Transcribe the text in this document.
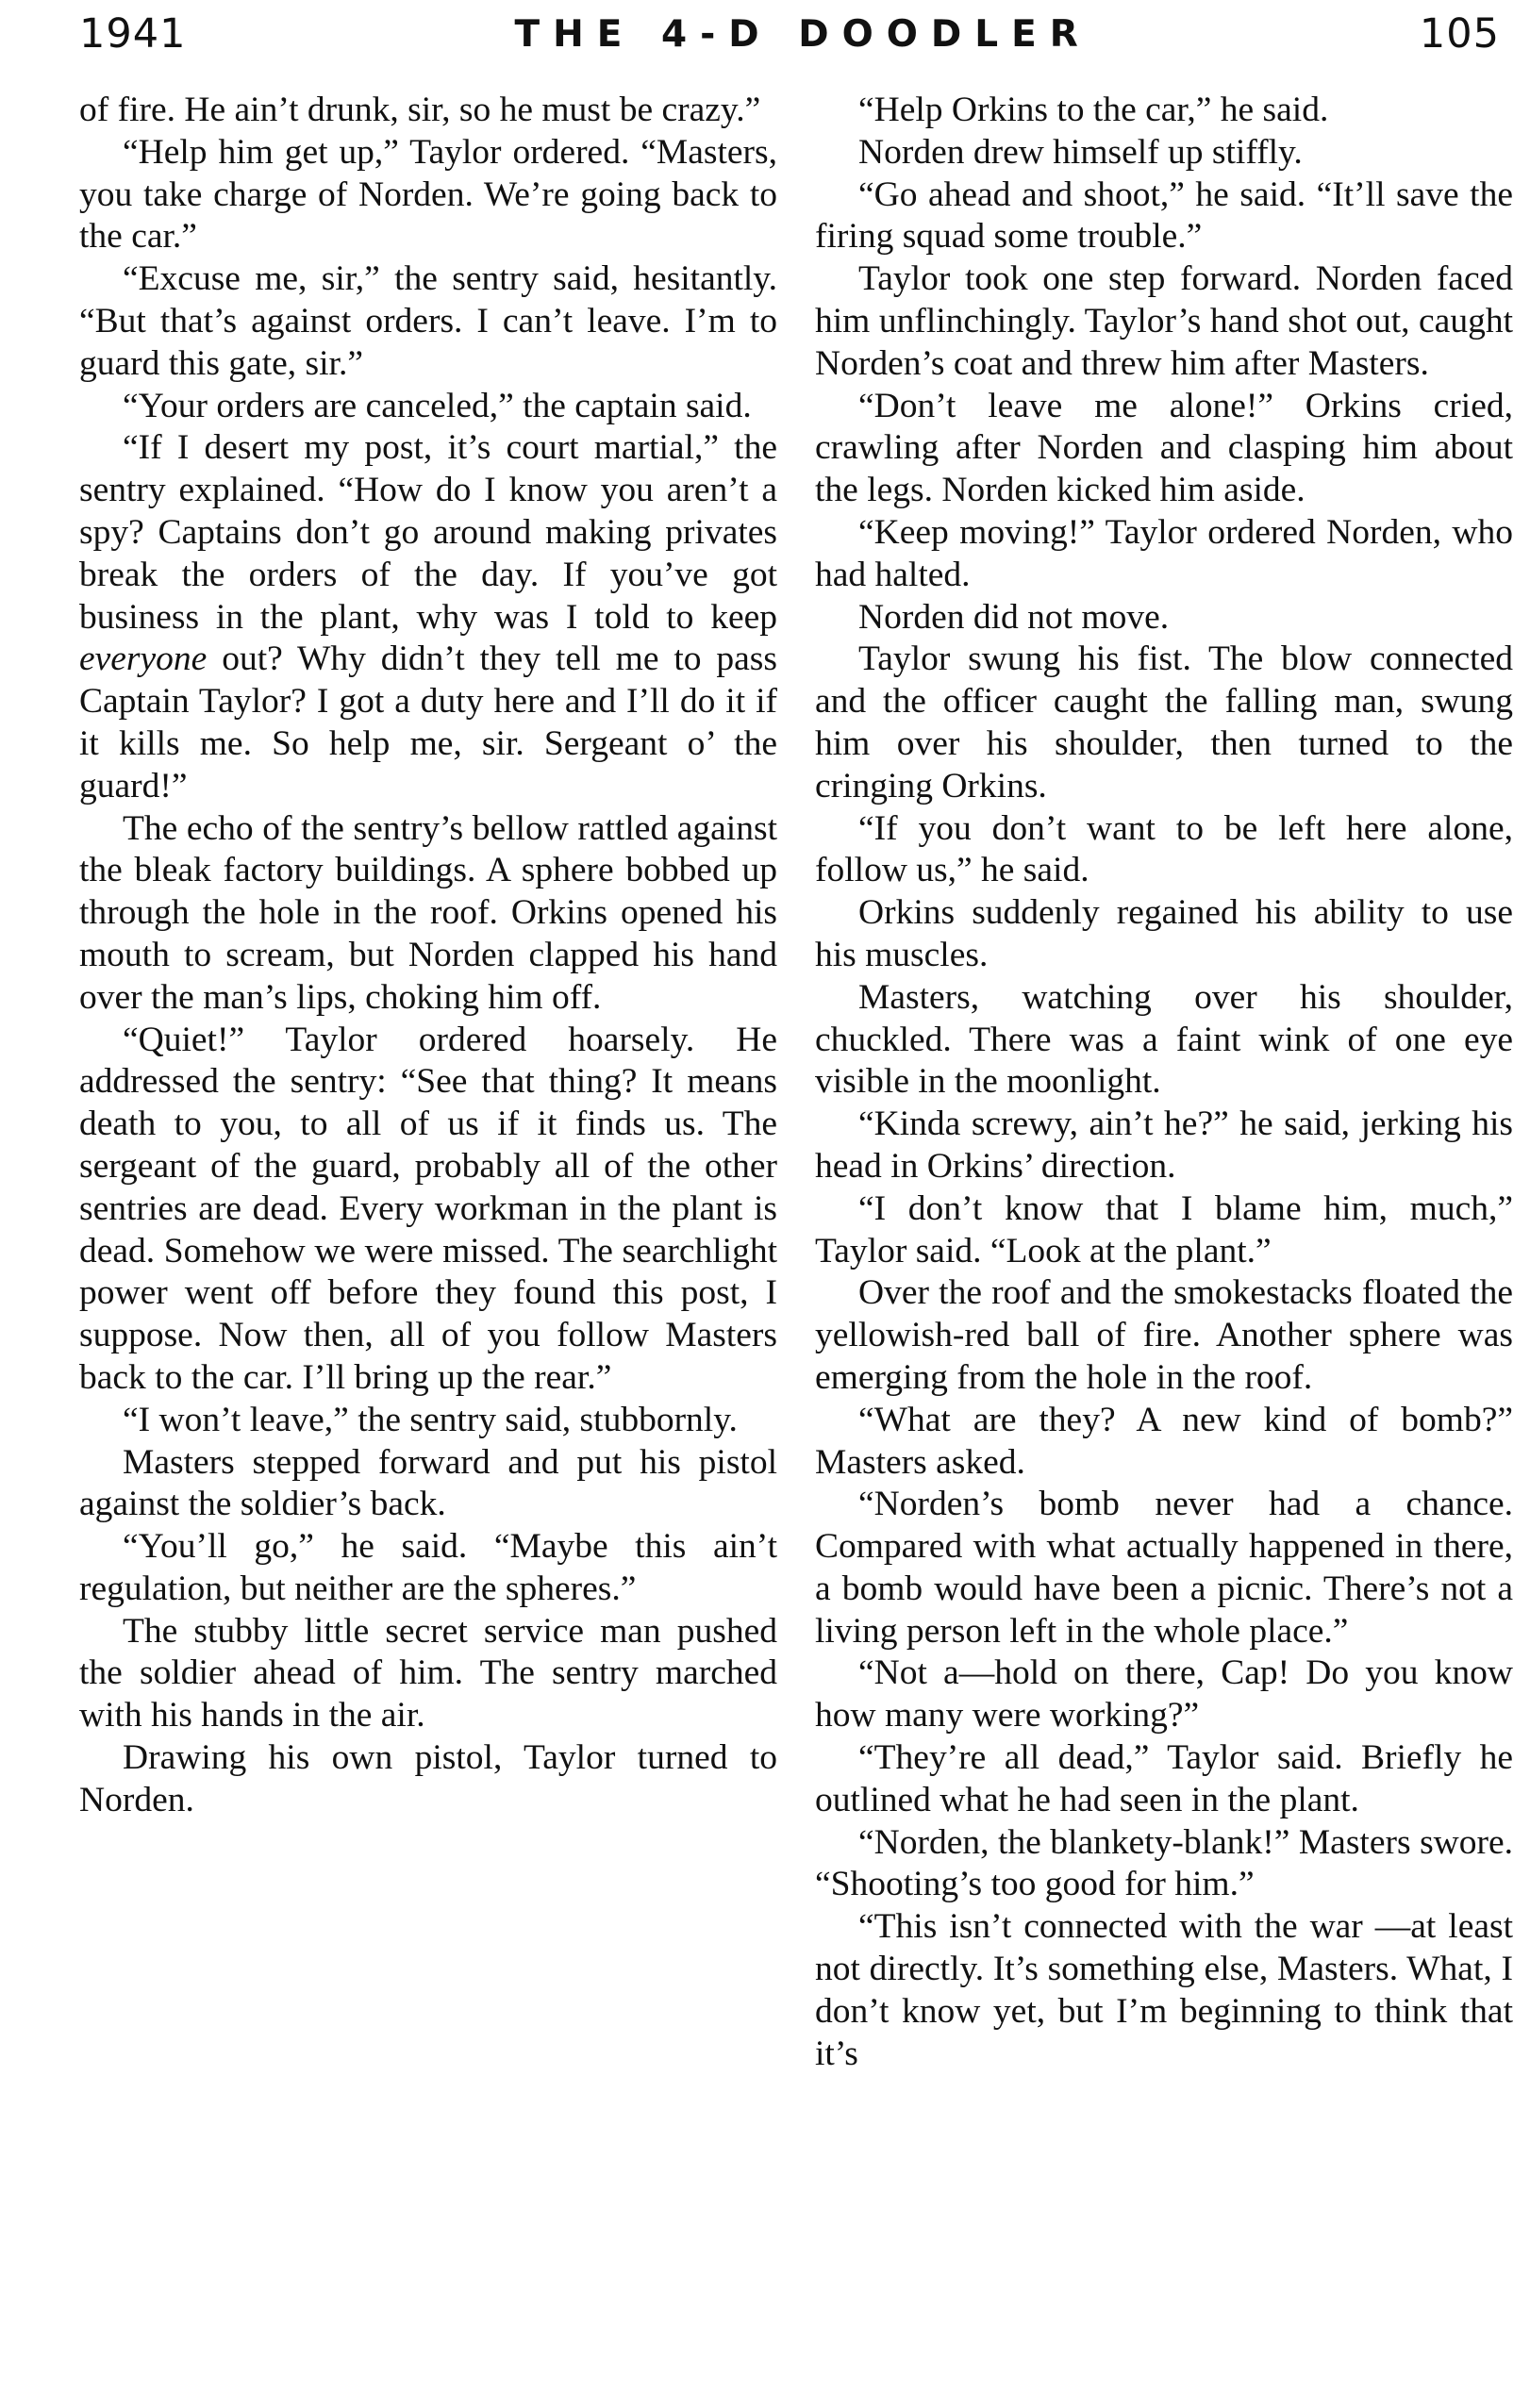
1941	THE 4-D DOODLER	105

of fire. He ain’t drunk, sir, so he must be crazy.”

“Help him get up,” Taylor ordered. “Masters, you take charge of Norden. We’re going back to the car.”

“Excuse me, sir,” the sentry said, hesitantly. “But that’s against orders. I can’t leave. I’m to guard this gate, sir.”

“Your orders are canceled,” the captain said.

“If I desert my post, it’s court martial,” the sentry explained. “How do I know you aren’t a spy? Captains don’t go around making privates break the orders of the day. If you’ve got business in the plant, why was I told to keep everyone out? Why didn’t they tell me to pass Captain Taylor? I got a duty here and I’ll do it if it kills me. So help me, sir. Sergeant o’ the guard!”

The echo of the sentry’s bellow rattled against the bleak factory buildings. A sphere bobbed up through the hole in the roof. Orkins opened his mouth to scream, but Norden clapped his hand over the man’s lips, choking him off.

“Quiet!” Taylor ordered hoarsely. He addressed the sentry: “See that thing? It means death to you, to all of us if it finds us. The sergeant of the guard, probably all of the other sentries are dead. Every workman in the plant is dead. Somehow we were missed. The searchlight power went off before they found this post, I suppose. Now then, all of you follow Masters back to the car. I’ll bring up the rear.”

“I won’t leave,” the sentry said, stubbornly.

Masters stepped forward and put his pistol against the soldier’s back.

“You’ll go,” he said. “Maybe this ain’t regulation, but neither are the spheres.”

The stubby little secret service man pushed the soldier ahead of him. The sentry marched with his hands in the air.

Drawing his own pistol, Taylor turned to Norden.

“Help Orkins to the car,” he said.

Norden drew himself up stiffly.

“Go ahead and shoot,” he said. “It’ll save the firing squad some trouble.”

Taylor took one step forward. Norden faced him unflinchingly. Taylor’s hand shot out, caught Norden’s coat and threw him after Masters.

“Don’t leave me alone!” Orkins cried, crawling after Norden and clasping him about the legs. Norden kicked him aside.

“Keep moving!” Taylor ordered Norden, who had halted.

Norden did not move.

Taylor swung his fist. The blow connected and the officer caught the falling man, swung him over his shoulder, then turned to the cringing Orkins.

“If you don’t want to be left here alone, follow us,” he said.

Orkins suddenly regained his ability to use his muscles.

Masters, watching over his shoulder, chuckled. There was a faint wink of one eye visible in the moonlight.

“Kinda screwy, ain’t he?” he said, jerking his head in Orkins’ direction.

“I don’t know that I blame him, much,” Taylor said. “Look at the plant.”

Over the roof and the smokestacks floated the yellowish-red ball of fire. Another sphere was emerging from the hole in the roof.

“What are they? A new kind of bomb?” Masters asked.

“Norden’s bomb never had a chance. Compared with what actually happened in there, a bomb would have been a picnic. There’s not a living person left in the whole place.”

“Not a—hold on there, Cap! Do you know how many were working?”

“They’re all dead,” Taylor said. Briefly he outlined what he had seen in the plant.

“Norden, the blankety-blank!” Masters swore. “Shooting’s too good for him.”

“This isn’t connected with the war —at least not directly. It’s something else, Masters. What, I don’t know yet, but I’m beginning to think that it’s
